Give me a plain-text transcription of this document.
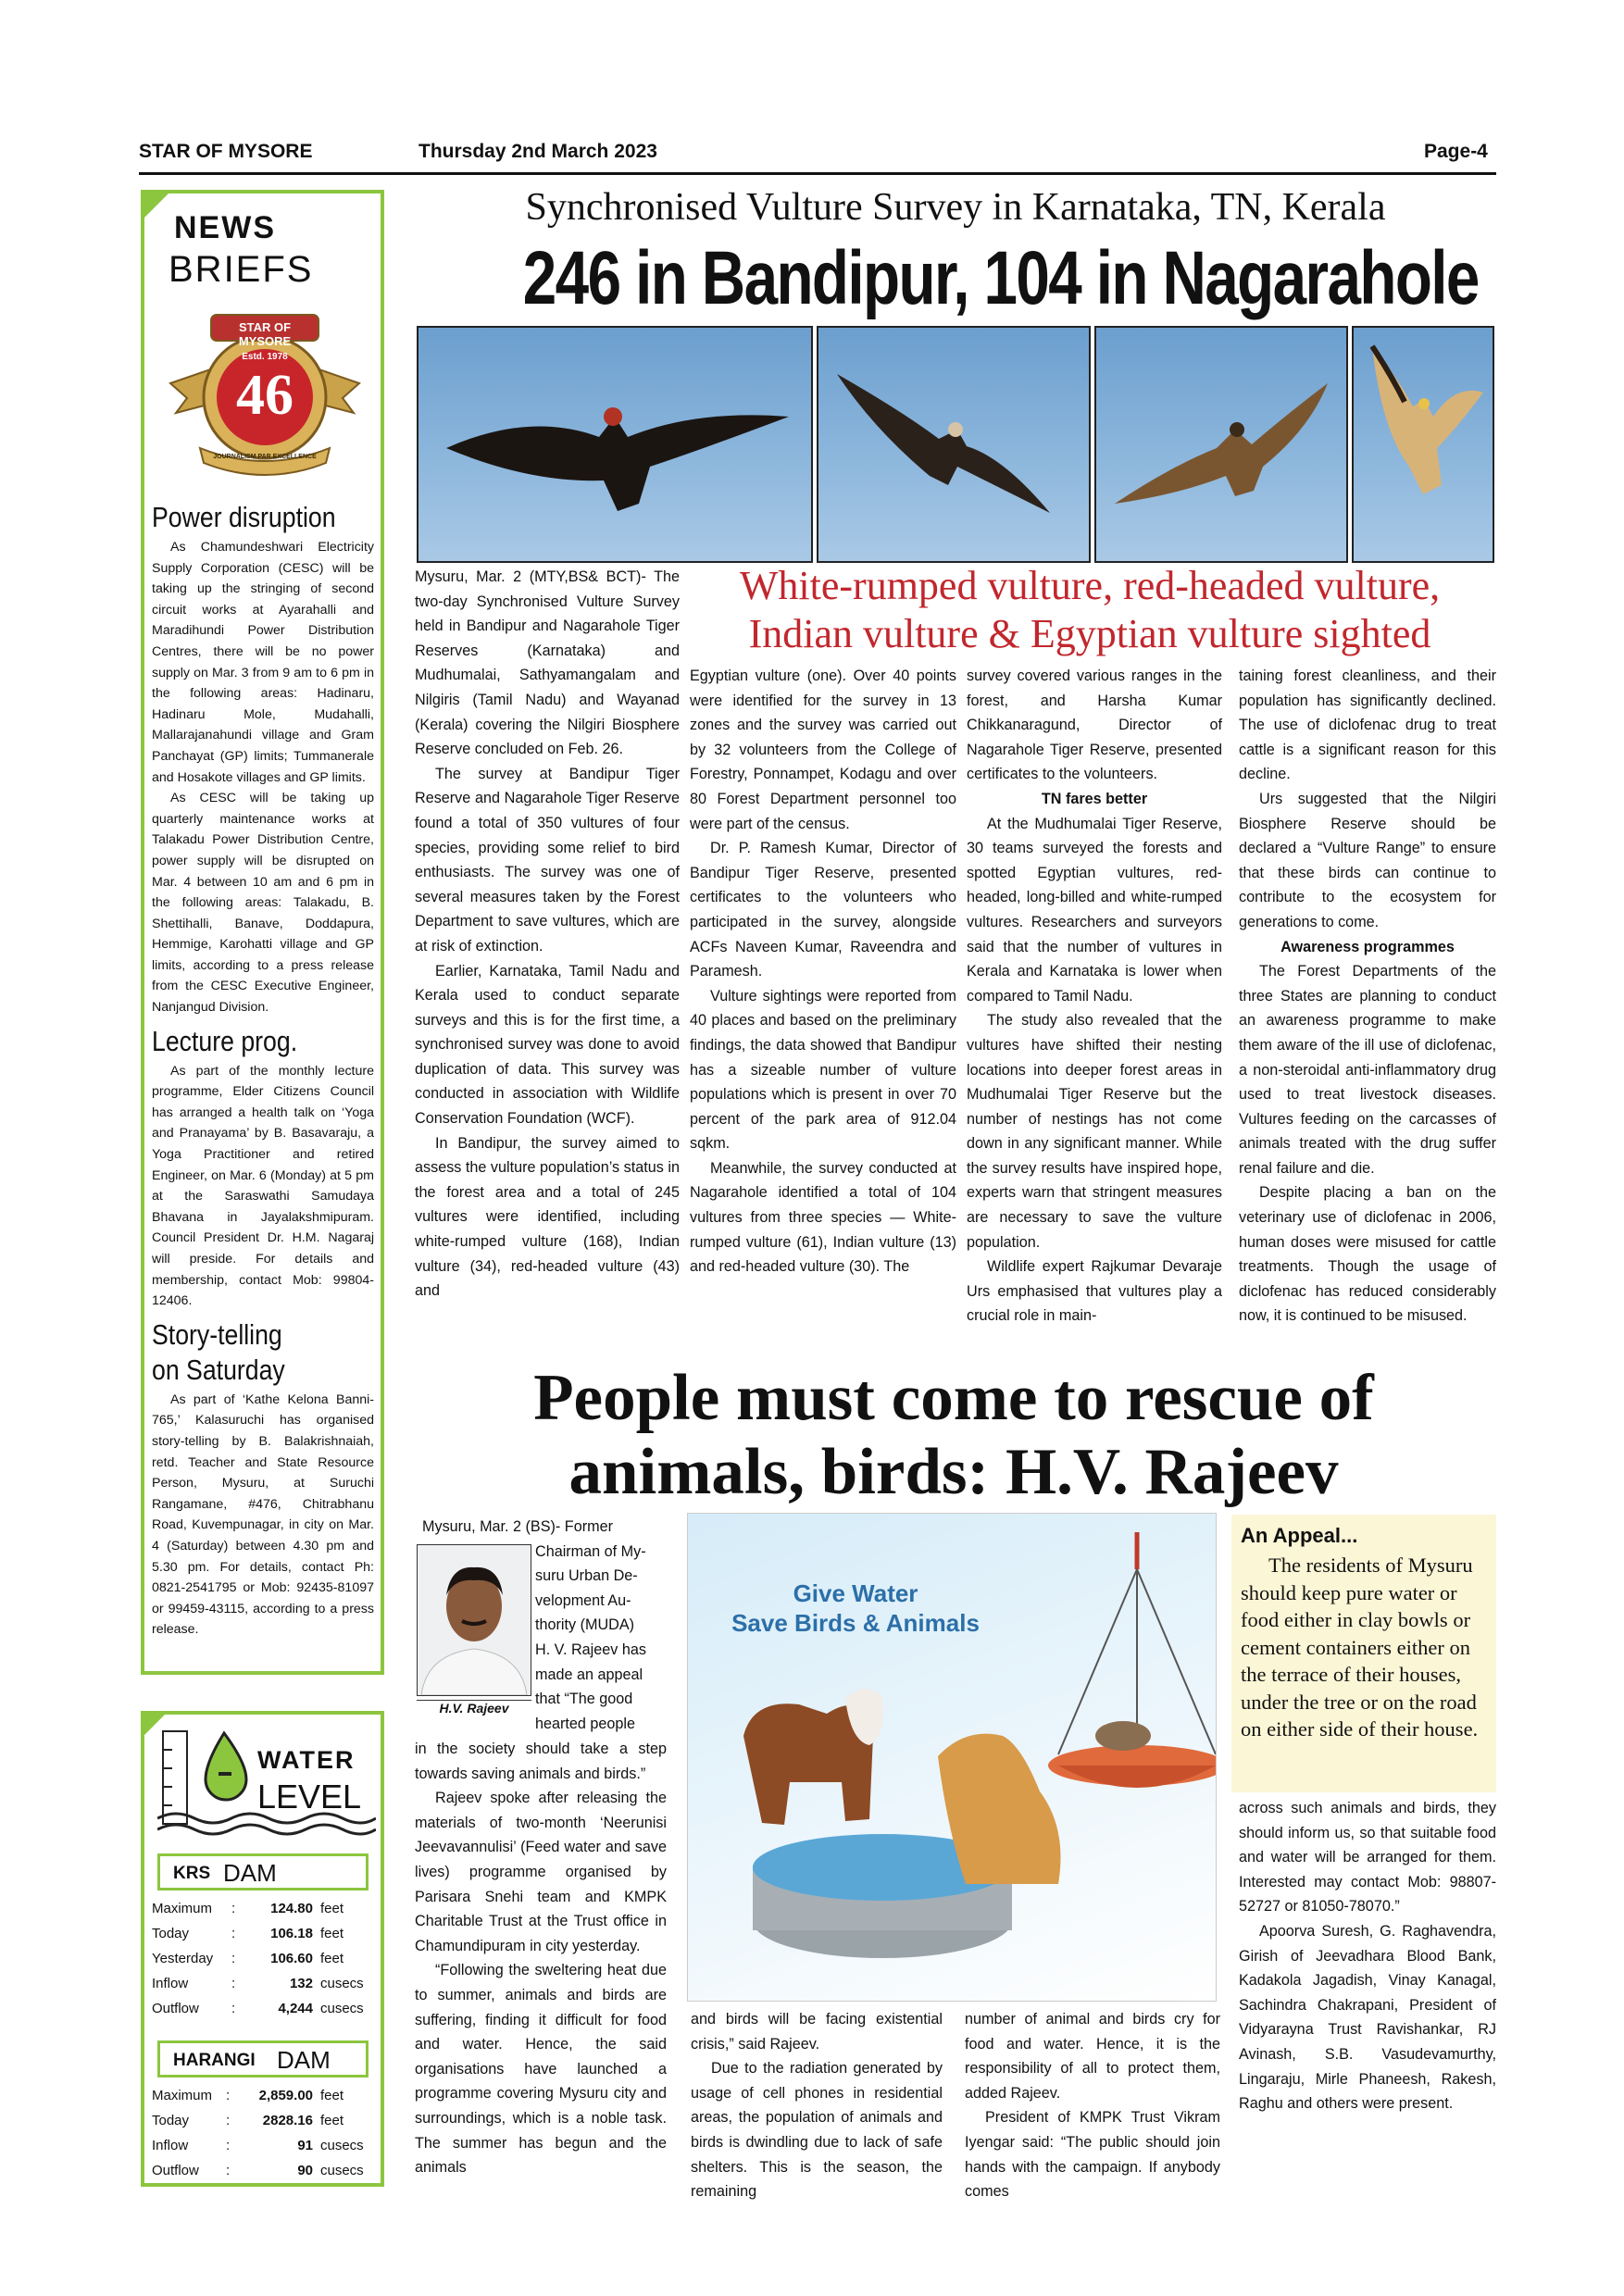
STAR OF MYSORE	Thursday 2nd March 2023	Page-4
NEWS
BRIEFS
STAR OF MYSORE
Estd. 1978
46
JOURNALISM PAR EXCELLENCE
Power disruption

As Chamundeshwari Electricity Supply Corporation (CESC) will be taking up the stringing of second circuit works at Ayarahalli and Maradihundi Power Distribution Centres, there will be no power supply on Mar. 3 from 9 am to 6 pm in the following areas: Hadinaru, Hadinaru Mole, Mudahalli, Mallarajanahundi village and Gram Panchayat (GP) limits; Tummanerale and Hosakote villages and GP limits.

As CESC will be taking up quarterly maintenance works at Talakadu Power Distribution Centre, power supply will be disrupted on Mar. 4 between 10 am and 6 pm in the following areas: Talakadu, B. Shettihalli, Banave, Doddapura, Hemmige, Karohatti village and GP limits, according to a press release from the CESC Executive Engineer, Nanjangud Division.

Lecture prog.

As part of the monthly lecture programme, Elder Citizens Council has arranged a health talk on ‘Yoga and Pranayama’ by B. Basavaraju, a Yoga Practitioner and retired Engineer, on Mar. 6 (Monday) at 5 pm at the Saraswathi Samudaya Bhavana in Jayalakshmipuram. Council President Dr. H.M. Nagaraj will preside. For details and membership, contact Mob: 99804-12406.

Story-telling
on Saturday

As part of ‘Kathe Kelona Banni-765,’ Kalasuruchi has organised story-telling by B. Balakrishnaiah, retd. Teacher and State Resource Person, Mysuru, at Suruchi Rangamane, #476, Chitrabhanu Road, Kuvempunagar, in city on Mar. 4 (Saturday) between 4.30 pm and 5.30 pm. For details, contact Ph: 0821-2541795 or Mob: 92435-81097 or 99459-43115, according to a press release.

WATER
LEVEL
KRS DAM
Maximum	:	124.80 feet
Today	:	106.18 feet
Yesterday	:	106.60 feet
Inflow	:	132 cusecs
Outflow	:	4,244 cusecs
HARANGI DAM
Maximum :	2,859.00 feet
Today	:	2828.16 feet
Inflow	:	91 cusecs
Outflow	:	90 cusecs
Synchronised Vulture Survey in Karnataka, TN, Kerala
246 in Bandipur, 104 in Nagarahole
White-rumped vulture, red-headed vulture,
Indian vulture & Egyptian vulture sighted

Mysuru, Mar. 2 (MTY,BS& BCT)- The two-day Synchronised Vulture Survey held in Bandipur and Nagarahole Tiger Reserves (Karnataka) and Mudhumalai, Sathyamangalam and Nilgiris (Tamil Nadu) and Wayanad (Kerala) covering the Nilgiri Biosphere Reserve concluded on Feb. 26.

The survey at Bandipur Tiger Reserve and Nagarahole Tiger Reserve found a total of 350 vultures of four species, providing some relief to bird enthusiasts. The survey was one of several measures taken by the Forest Department to save vultures, which are at risk of extinction.

Earlier, Karnataka, Tamil Nadu and Kerala used to conduct separate surveys and this is for the first time, a synchronised survey was done to avoid duplication of data. This survey was conducted in association with Wildlife Conservation Foundation (WCF).

In Bandipur, the survey aimed to assess the vulture population’s status in the forest area and a total of 245 vultures were identified, including white-rumped vulture (168), Indian vulture (34), red-headed vulture (43) and

Egyptian vulture (one). Over 40 points were identified for the survey in 13 zones and the survey was carried out by 32 volunteers from the College of Forestry, Ponnampet, Kodagu and over 80 Forest Department personnel too were part of the census.

Dr. P. Ramesh Kumar, Director of Bandipur Tiger Reserve, presented certificates to the volunteers who participated in the survey, alongside ACFs Naveen Kumar, Raveendra and Paramesh.

Vulture sightings were reported from 40 places and based on the preliminary findings, the data showed that Bandipur has a sizeable number of vulture populations which is present in over 70 percent of the park area of 912.04 sqkm.

Meanwhile, the survey conducted at Nagarahole identified a total of 104 vultures from three species — White-rumped vulture (61), Indian vulture (13) and red-headed vulture (30). The

survey covered various ranges in the forest, and Harsha Kumar Chikkanaragund, Director of Nagarahole Tiger Reserve, presented certificates to the volunteers.

TN fares better

At the Mudhumalai Tiger Reserve, 30 teams surveyed the forests and spotted Egyptian vultures, red-headed, long-billed and white-rumped vultures. Researchers and surveyors said that the number of vultures in Kerala and Karnataka is lower when compared to Tamil Nadu.

The study also revealed that the vultures have shifted their nesting locations into deeper forest areas in Mudhumalai Tiger Reserve but the number of nestings has not come down in any significant manner. While the survey results have inspired hope, experts warn that stringent measures are necessary to save the vulture population.

Wildlife expert Rajkumar Devaraje Urs emphasised that vultures play a crucial role in main-

taining forest cleanliness, and their population has significantly declined. The use of diclofenac drug to treat cattle is a significant reason for this decline.

Urs suggested that the Nilgiri Biosphere Reserve should be declared a “Vulture Range” to ensure that these birds can continue to contribute to the ecosystem for generations to come.

Awareness programmes

The Forest Departments of the three States are planning to conduct an awareness programme to make them aware of the ill use of diclofenac, a non-steroidal anti-inflammatory drug used to treat livestock diseases. Vultures feeding on the carcasses of animals treated with the drug suffer renal failure and die.

Despite placing a ban on the veterinary use of diclofenac in 2006, human doses were misused for cattle treatments. Though the usage of diclofenac has reduced considerably now, it is continued to be misused.

People must come to rescue of
animals, birds: H.V. Rajeev
H.V. Rajeev
Mysuru, Mar. 2 (BS)- Former
Chairman of My-
suru Urban De-
velopment Au-
thority (MUDA)
H. V. Rajeev has
made an appeal
that “The good
hearted people

in the society should take a step towards saving animals and birds.”

Rajeev spoke after releasing the materials of two-month ‘Neerunisi Jeevavannulisi’ (Feed water and save lives) programme organised by Parisara Snehi team and KMPK Charitable Trust at the Trust office in Chamundipuram in city yesterday.

“Following the sweltering heat due to summer, animals and birds are suffering, finding it difficult for food and water. Hence, the said organisations have launched a programme covering Mysuru city and surroundings, which is a noble task. The summer has begun and the animals

Give Water
Save Birds & Animals
An Appeal...
The residents of Mysuru should keep pure water or food either in clay bowls or cement containers either on the terrace of their houses, under the tree or on the road on either side of their house.

and birds will be facing existential crisis,” said Rajeev.

Due to the radiation generated by usage of cell phones in residential areas, the population of animals and birds is dwindling due to lack of safe shelters. This is the season, the remaining

number of animal and birds cry for food and water. Hence, it is the responsibility of all to protect them, added Rajeev.

President of KMPK Trust Vikram Iyengar said: “The public should join hands with the campaign. If anybody comes

across such animals and birds, they should inform us, so that suitable food and water will be arranged for them. Interested may contact Mob: 98807-52727 or 81050-78070.”

Apoorva Suresh, G. Raghavendra, Girish of Jeevadhara Blood Bank, Kadakola Jagadish, Vinay Kanagal, Sachindra Chakrapani, President of Vidyarayna Trust Ravishankar, RJ Avinash, S.B. Vasudevamurthy, Lingaraju, Mirle Phaneesh, Rakesh, Raghu and others were present.
